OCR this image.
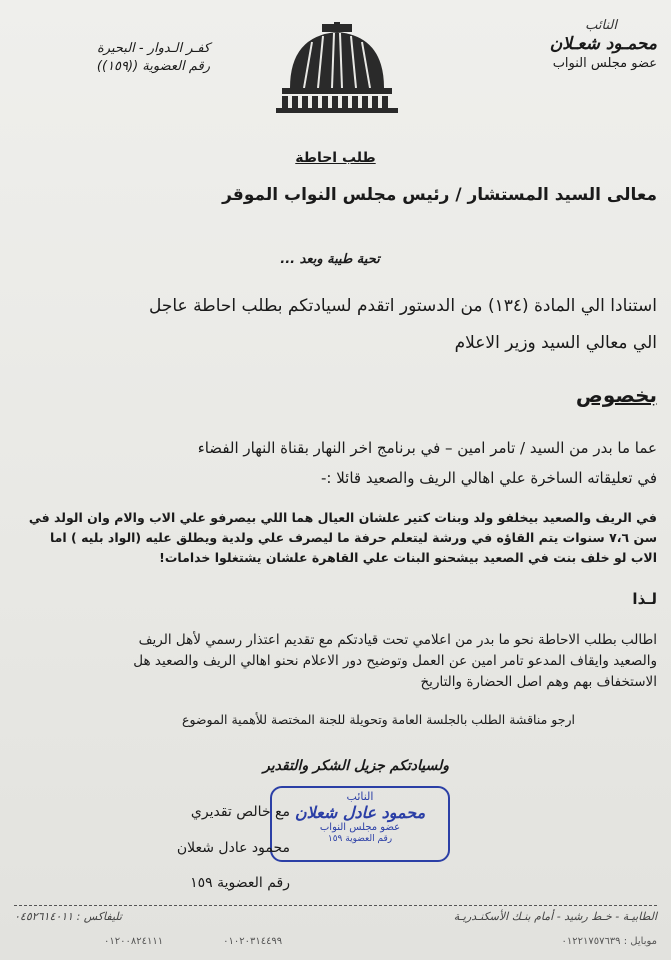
النائب
محمـود شعـلان
عضو مجلس النواب
كفـر الـدوار - البحيرة
رقم العضوية ((١٥٩))
طلب احاطة
معالى السيد المستشار / رئيس مجلس النواب الموقر
تحية طيبة وبعد ...
استنادا الي المادة (١٣٤) من الدستور اتقدم لسيادتكم بطلب احاطة عاجل
الي معالي السيد وزير الاعلام
بخصوص
عما ما بدر من السيد / تامر امين – في برنامج اخر النهار بقناة النهار الفضاء
في تعليقاته الساخرة علي اهالي الريف والصعيد قائلا :-
في الريف والصعيد بيخلفو ولد وبنات كتير علشان العيال هما اللي بيصرفو علي الاب والام وان الولد في
سن ٧،٦ سنوات يتم القاؤه في ورشة ليتعلم حرفة ما ليصرف علي ولدية ويطلق عليه (الواد بليه ) اما
الاب لو خلف بنت في الصعيد بيشحنو البنات علي القاهرة علشان يشتغلوا خدامات!
لـذا
اطالب بطلب الاحاطة نحو ما بدر من اعلامي تحت قيادتكم مع تقديم اعتذار رسمي لأهل الريف
والصعيد وايقاف المدعو تامر امين عن العمل وتوضيح دور الاعلام نحنو اهالي الريف والصعيد هل
الاستخفاف بهم وهم اصل الحضارة والتاريخ
ارجو مناقشة الطلب بالجلسة العامة وتحويلة للجنة المختصة للأهمية الموضوع
ولسيادتكم جزيل الشكر والتقدير
النائب
محمود عادل شعلان
عضو مجلس النواب
رقم العضوية ١٥٩
مع خالص تقديري
محمود عادل شعلان
رقم العضوية ١٥٩
الطابيـة - خـط رشيد - أمام بنـك الأسكنـدريـة
تليفاكس : ٠٤٥٢٦١٤٠١١
موبايل : ٠١٢٢١٧٥٧٦٣٩
٠١٢٠٠٨٢٤١١١	٠١٠٢٠٣١٤٤٩٩
